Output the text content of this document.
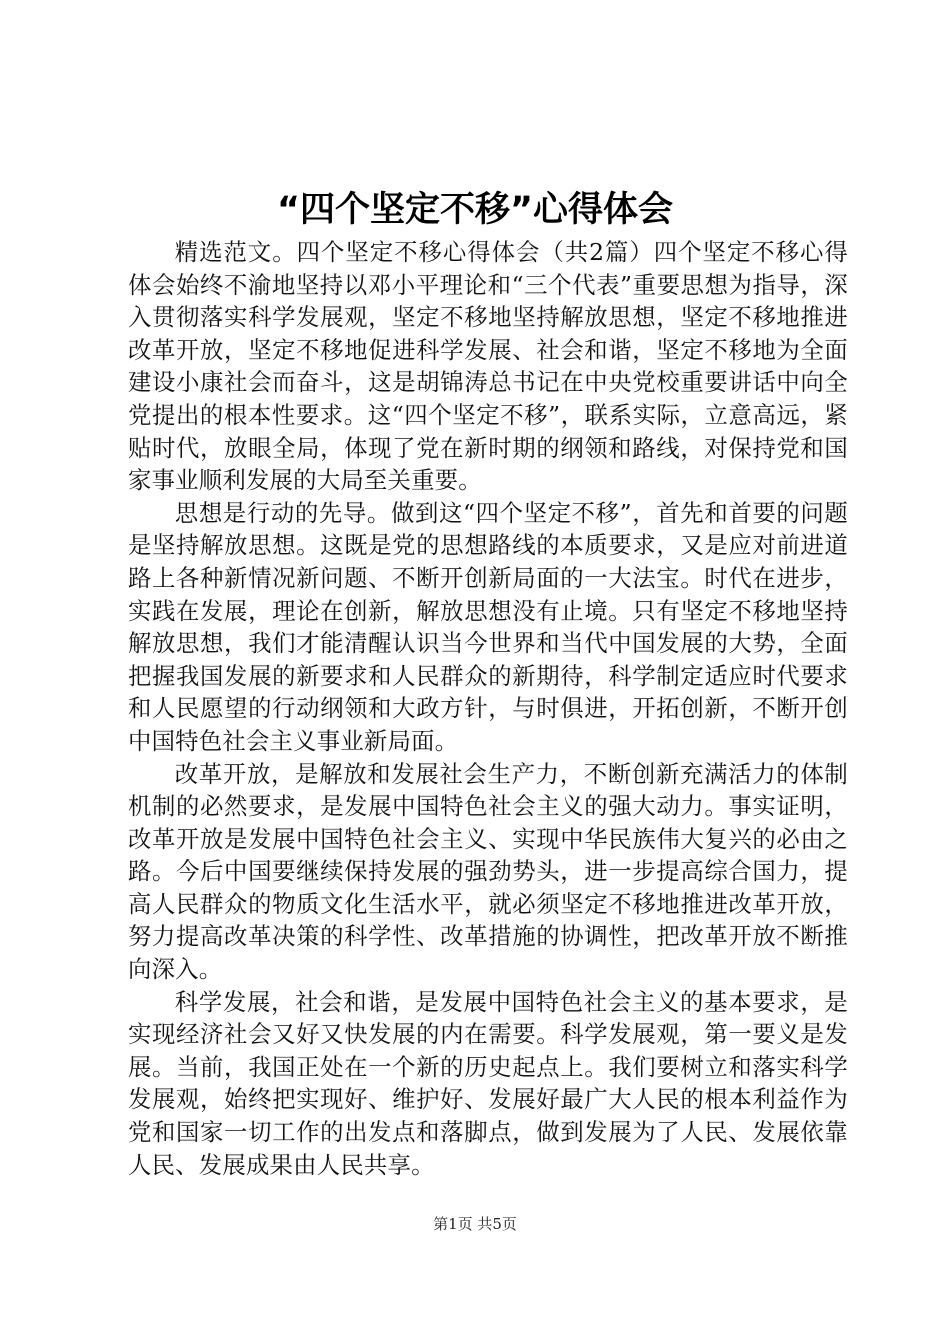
“四个坚定不移”心得体会

精选范文。四个坚定不移心得体会（共2篇）四个坚定不移心得体会始终不渝地坚持以邓小平理论和“三个代表”重要思想为指导，深入贯彻落实科学发展观，坚定不移地坚持解放思想，坚定不移地推进改革开放，坚定不移地促进科学发展、社会和谐，坚定不移地为全面建设小康社会而奋斗，这是胡锦涛总书记在中央党校重要讲话中向全党提出的根本性要求。这“四个坚定不移”，联系实际，立意高远，紧贴时代，放眼全局，体现了党在新时期的纲领和路线，对保持党和国家事业顺利发展的大局至关重要。

思想是行动的先导。做到这“四个坚定不移”，首先和首要的问题是坚持解放思想。这既是党的思想路线的本质要求，又是应对前进道路上各种新情况新问题、不断开创新局面的一大法宝。时代在进步，实践在发展，理论在创新，解放思想没有止境。只有坚定不移地坚持解放思想，我们才能清醒认识当今世界和当代中国发展的大势，全面把握我国发展的新要求和人民群众的新期待，科学制定适应时代要求和人民愿望的行动纲领和大政方针，与时俱进，开拓创新，不断开创中国特色社会主义事业新局面。

改革开放，是解放和发展社会生产力，不断创新充满活力的体制机制的必然要求，是发展中国特色社会主义的强大动力。事实证明，改革开放是发展中国特色社会主义、实现中华民族伟大复兴的必由之路。今后中国要继续保持发展的强劲势头，进一步提高综合国力，提高人民群众的物质文化生活水平，就必须坚定不移地推进改革开放，努力提高改革决策的科学性、改革措施的协调性，把改革开放不断推向深入。

科学发展，社会和谐，是发展中国特色社会主义的基本要求，是实现经济社会又好又快发展的内在需要。科学发展观，第一要义是发展。当前，我国正处在一个新的历史起点上。我们要树立和落实科学发展观，始终把实现好、维护好、发展好最广大人民的根本利益作为党和国家一切工作的出发点和落脚点，做到发展为了人民、发展依靠人民、发展成果由人民共享。

第1页 共5页
